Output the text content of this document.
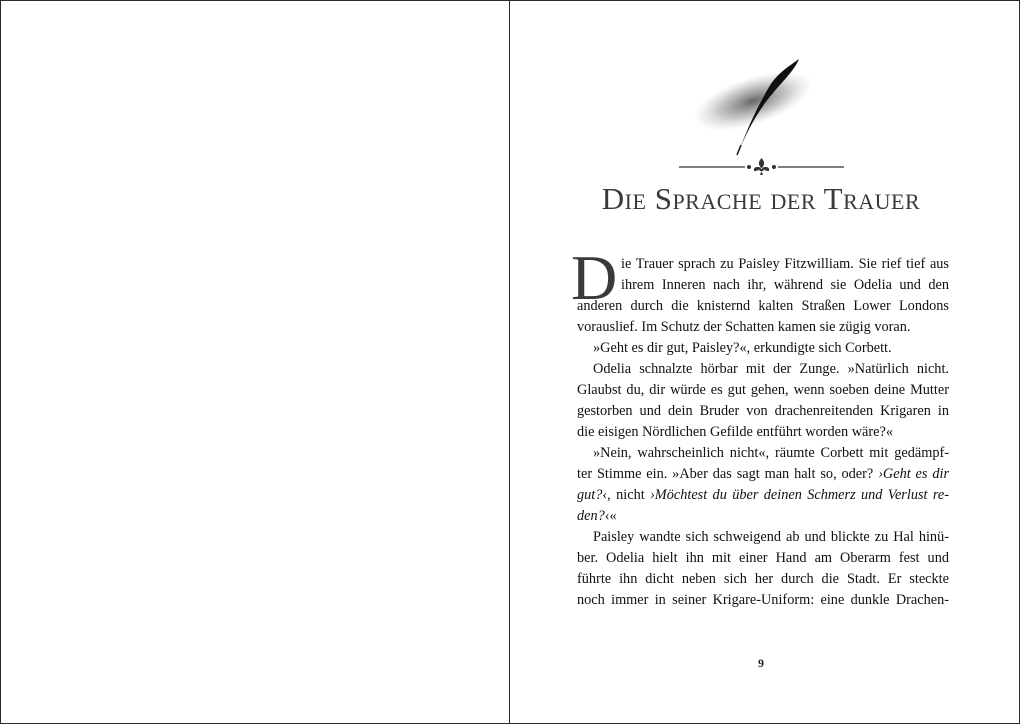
Die Sprache der Trauer

D ie Trauer sprach zu Paisley Fitzwilliam. Sie rief tief aus
ihrem Inneren nach ihr, während sie Odelia und den
anderen durch die knisternd kalten Straßen Lower Londons
vorauslief. Im Schutz der Schatten kamen sie zügig voran.

»Geht es dir gut, Paisley?«, erkundigte sich Corbett.

Odelia schnalzte hörbar mit der Zunge. »Natürlich nicht.
Glaubst du, dir würde es gut gehen, wenn soeben deine Mutter
gestorben und dein Bruder von drachenreitenden Krigaren in
die eisigen Nördlichen Gefilde entführt worden wäre?«

»Nein, wahrscheinlich nicht«, räumte Corbett mit gedämpf-
ter Stimme ein. »Aber das sagt man halt so, oder? ›Geht es dir
gut?‹, nicht ›Möchtest du über deinen Schmerz und Verlust re-
den?‹«

Paisley wandte sich schweigend ab und blickte zu Hal hinü-
ber. Odelia hielt ihn mit einer Hand am Oberarm fest und
führte ihn dicht neben sich her durch die Stadt. Er steckte
noch immer in seiner Krigare-Uniform: eine dunkle Drachen-

9
